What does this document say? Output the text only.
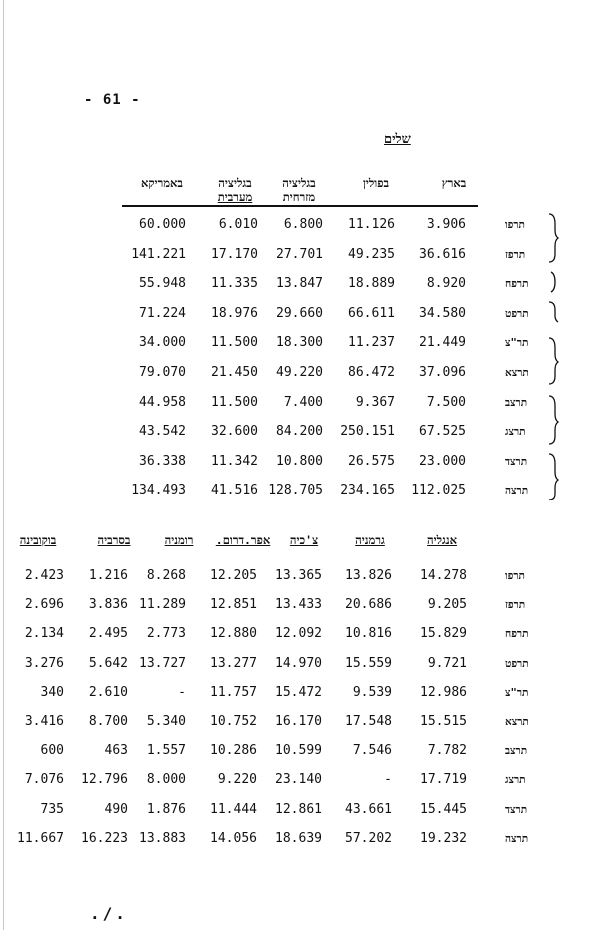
- 61 -
שלים
בארץ
בפולין
בגליציה
מזרחית
בגליציה
מערבית
באמריקא
תרפו
3.906
11.126
6.800
6.010
60.000
תרפז
36.616
49.235
27.701
17.170
141.221
תרפח
8.920
18.889
13.847
11.335
55.948
תרפט
34.580
66.611
29.660
18.976
71.224
תר"צ
21.449
11.237
18.300
11.500
34.000
תרצא
37.096
86.472
49.220
21.450
79.070
תרצב
7.500
9.367
7.400
11.500
44.958
תרצג
67.525
250.151
84.200
32.600
43.542
תרצד
23.000
26.575
10.800
11.342
36.338
תרצה
112.025
234.165
128.705
41.516
134.493
אנגליה
גרמניה
צ'כיה
אפר.דרום.
רומניה
בסרביה
בוקובינה
תרפו
14.278
13.826
13.365
12.205
8.268
1.216
2.423
תרפז
9.205
20.686
13.433
12.851
11.289
3.836
2.696
תרפח
15.829
10.816
12.092
12.880
2.773
2.495
2.134
תרפט
9.721
15.559
14.970
13.277
13.727
5.642
3.276
תר"צ
12.986
9.539
15.472
11.757
-
2.610
340
תרצא
15.515
17.548
16.170
10.752
5.340
8.700
3.416
תרצב
7.782
7.546
10.599
10.286
1.557
463
600
תרצג
17.719
-
23.140
9.220
8.000
12.796
7.076
תרצד
15.445
43.661
12.861
11.444
1.876
490
735
תרצה
19.232
57.202
18.639
14.056
13.883
16.223
11.667
./.
